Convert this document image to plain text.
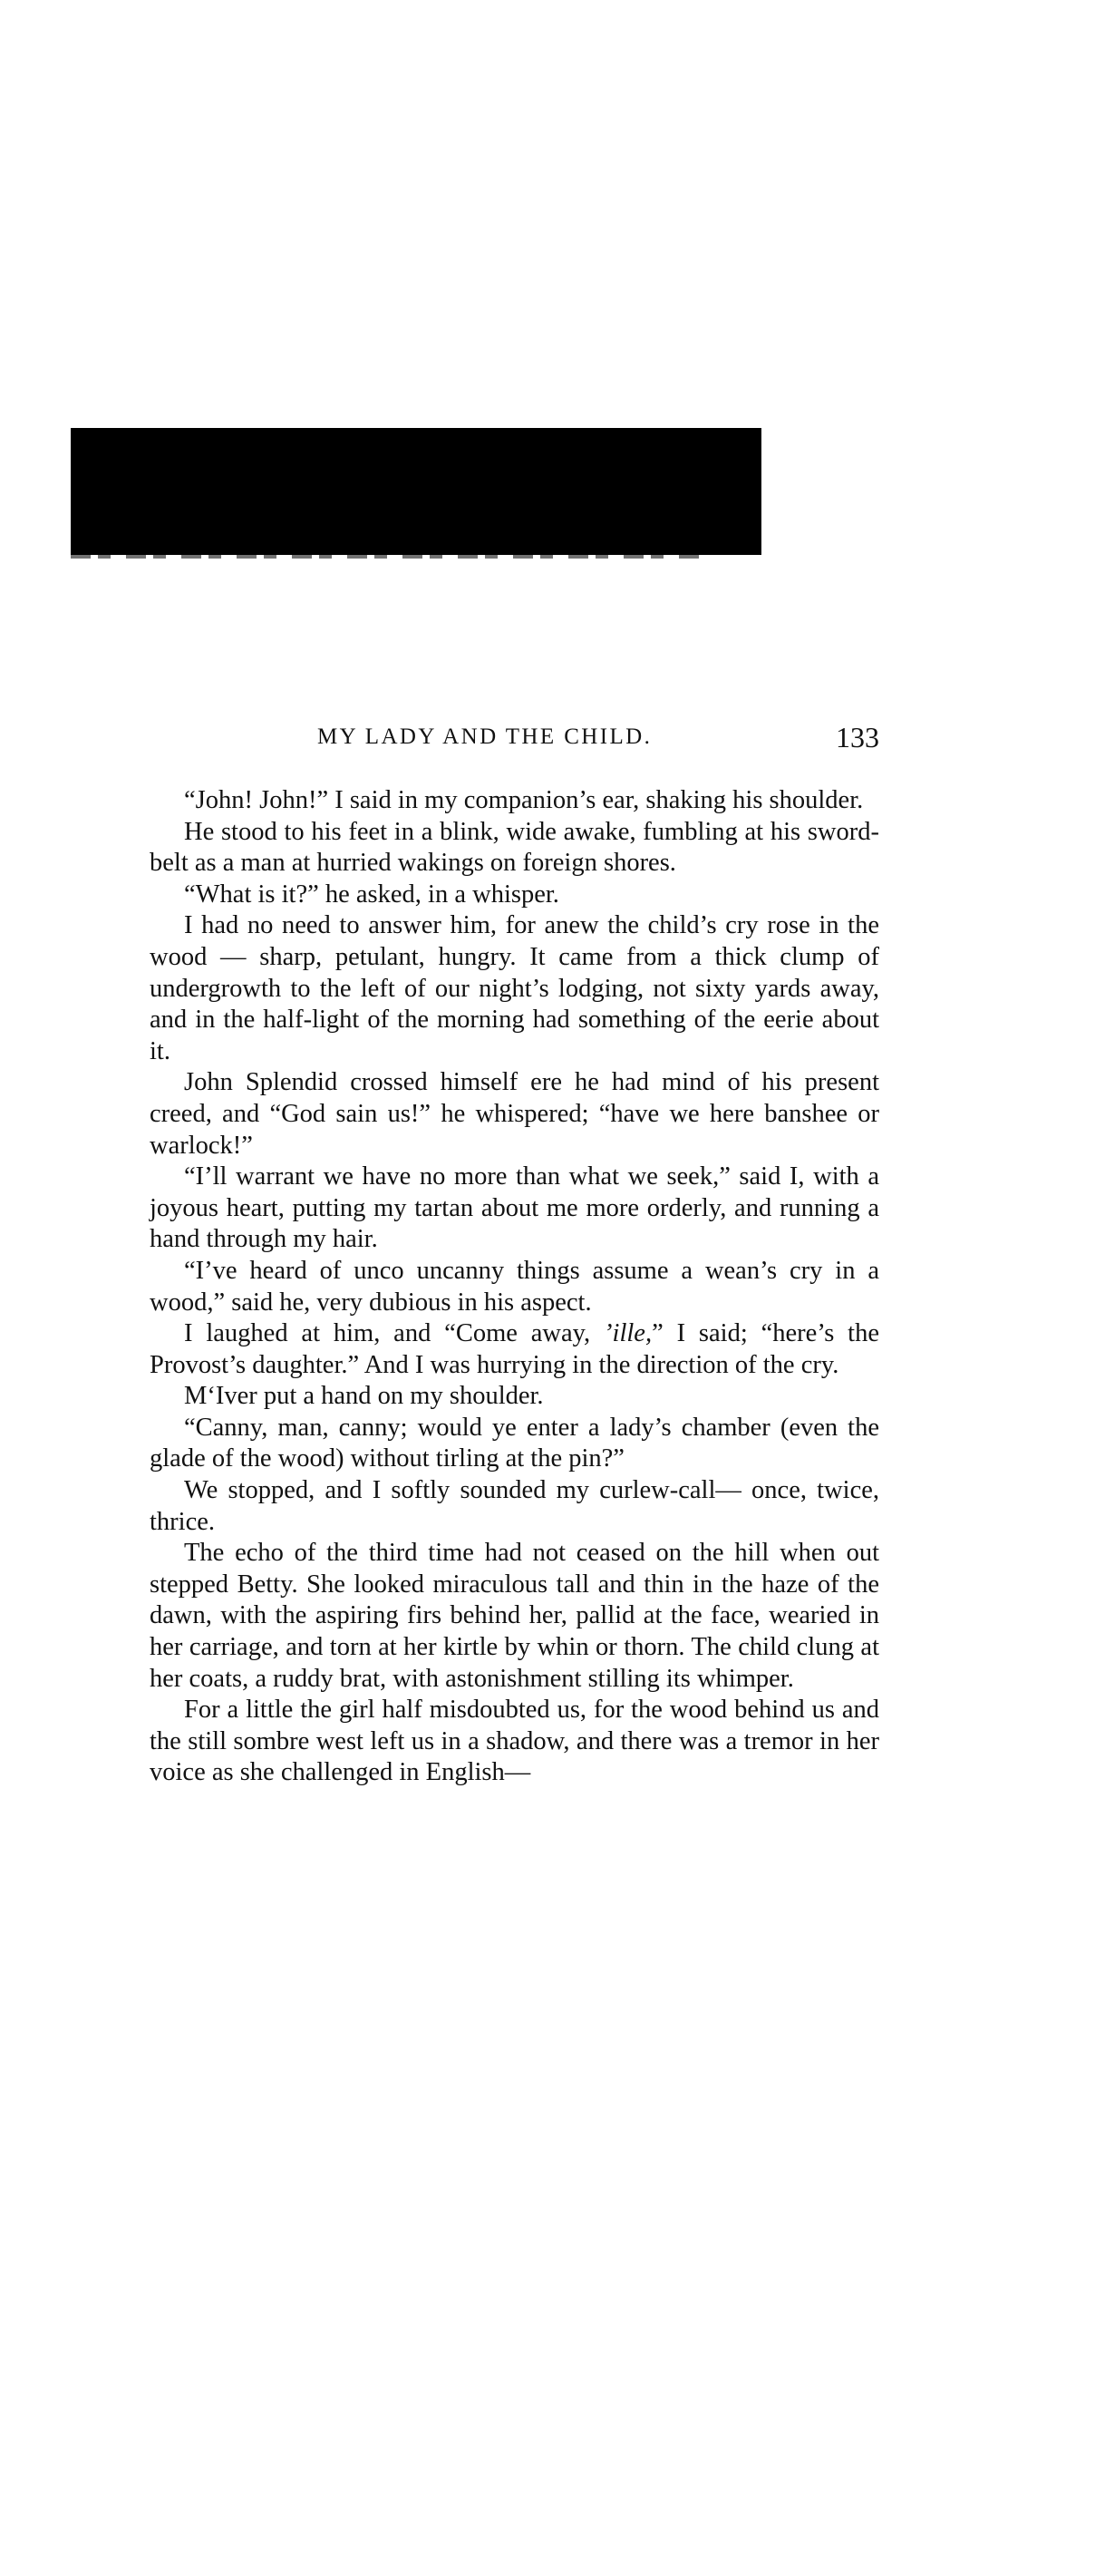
MY LADY AND THE CHILD.	133

“John! John!” I said in my companion’s ear, shaking his shoulder.

He stood to his feet in a blink, wide awake, fumbling at his sword-belt as a man at hurried wakings on foreign shores.

“What is it?” he asked, in a whisper.

I had no need to answer him, for anew the child’s cry rose in the wood — sharp, petulant, hungry. It came from a thick clump of undergrowth to the left of our night’s lodging, not sixty yards away, and in the half-light of the morning had something of the eerie about it.

John Splendid crossed himself ere he had mind of his present creed, and “God sain us!” he whispered; “have we here banshee or warlock!”

“I’ll warrant we have no more than what we seek,” said I, with a joyous heart, putting my tartan about me more orderly, and running a hand through my hair.

“I’ve heard of unco uncanny things assume a wean’s cry in a wood,” said he, very dubious in his aspect.

I laughed at him, and “Come away, ’ille,” I said; “here’s the Provost’s daughter.” And I was hurrying in the direction of the cry.

M‘Iver put a hand on my shoulder.

“Canny, man, canny; would ye enter a lady’s chamber (even the glade of the wood) without tirling at the pin?”

We stopped, and I softly sounded my curlew-call— once, twice, thrice.

The echo of the third time had not ceased on the hill when out stepped Betty. She looked miraculous tall and thin in the haze of the dawn, with the aspiring firs behind her, pallid at the face, wearied in her carriage, and torn at her kirtle by whin or thorn. The child clung at her coats, a ruddy brat, with astonishment stilling its whimper.

For a little the girl half misdoubted us, for the wood behind us and the still sombre west left us in a shadow, and there was a tremor in her voice as she challenged in English—
